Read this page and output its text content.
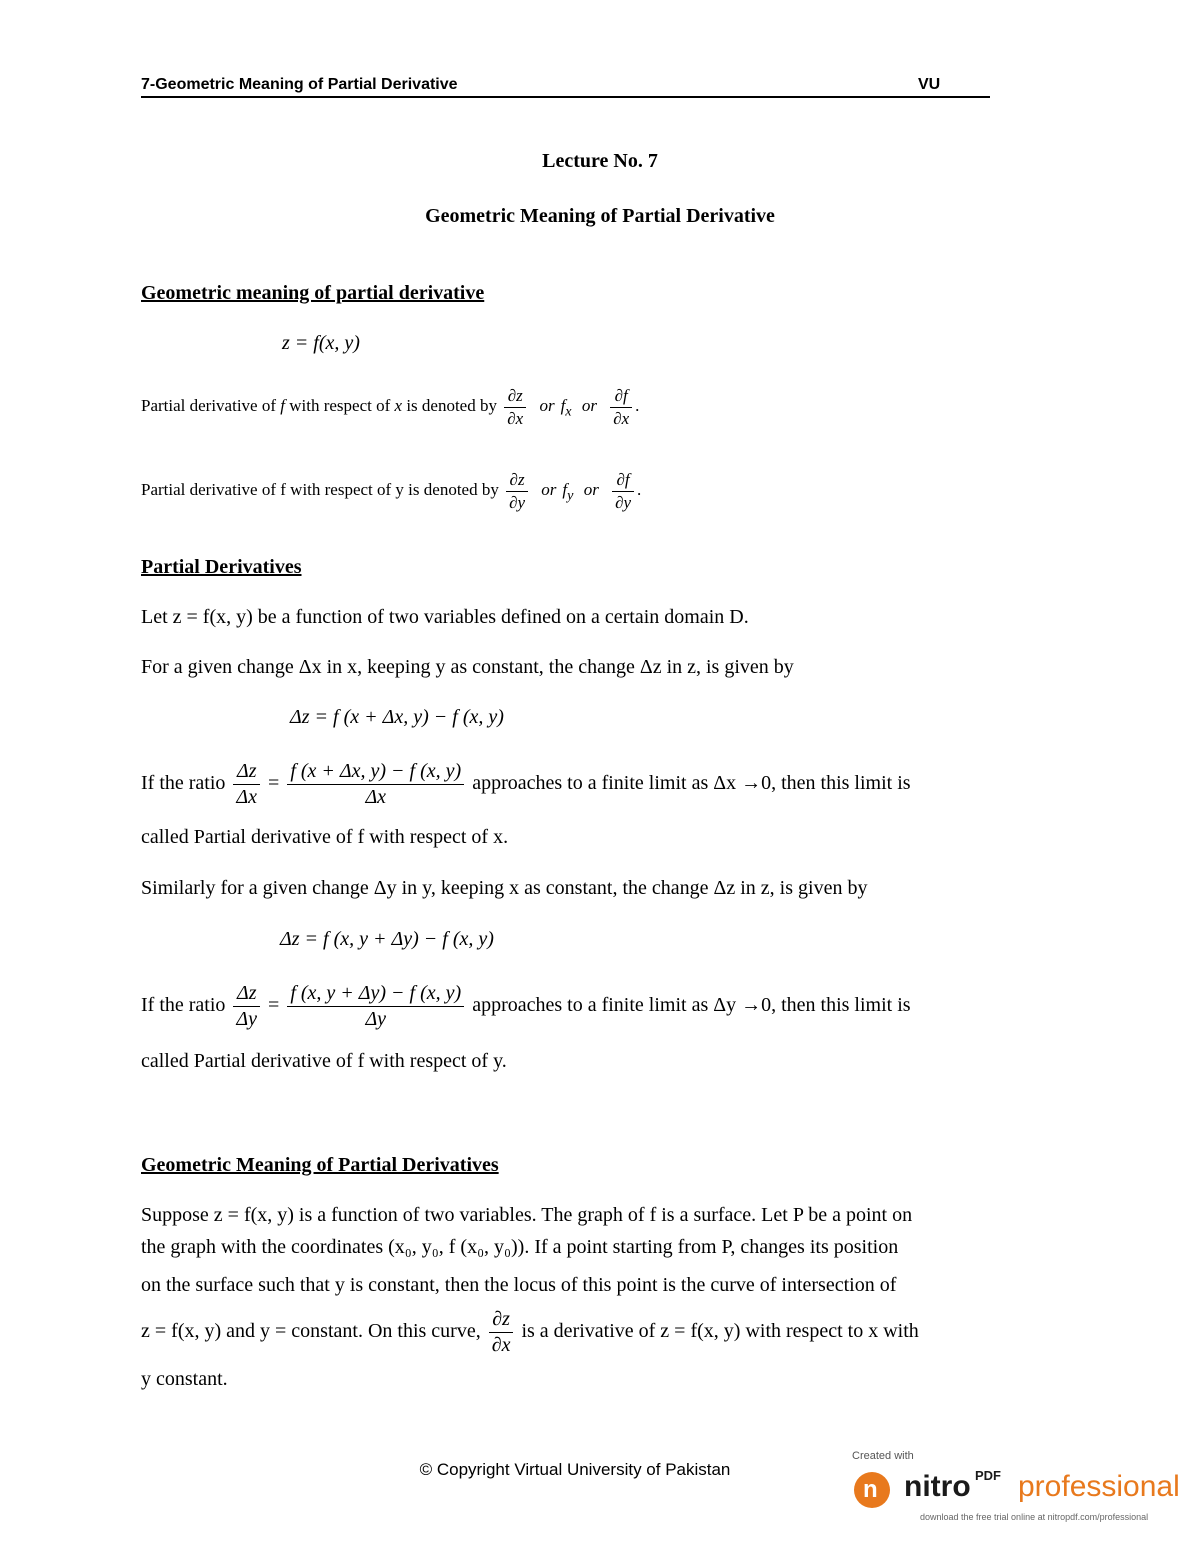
7-Geometric Meaning of Partial Derivative	VU
Lecture No. 7
Geometric Meaning of Partial Derivative
Geometric meaning of partial derivative
z = f(x, y)
Partial derivative of f with respect of x is denoted by $\frac{\partial z}{\partial x}$ or $f_x$ or $\frac{\partial f}{\partial x}$ .
Partial derivative of f with respect of y is denoted by $\frac{\partial z}{\partial y}$ or $f_y$ or $\frac{\partial f}{\partial y}$ .
Partial Derivatives
Let z = f(x, y) be a function of two variables defined on a certain domain D.
For a given change Δx in x, keeping y as constant, the change Δz in z, is given by
Δz = f (x + Δx, y) − f (x, y)
If the ratio $\frac{\Delta z}{\Delta x} = \frac{f (x + \Delta x, y) - f (x, y)}{\Delta x}$ approaches to a finite limit as Δx →0, then this limit is
called Partial derivative of f with respect of x.
Similarly for a given change Δy in y, keeping x as constant, the change Δz in z, is given by
Δz = f (x, y + Δy) − f (x, y)
If the ratio $\frac{\Delta z}{\Delta y} = \frac{f (x, y + \Delta y) - f (x, y)}{\Delta y}$ approaches to a finite limit as Δy →0, then this limit is
called Partial derivative of f with respect of y.
Geometric Meaning of Partial Derivatives
Suppose z = f(x, y) is a function of two variables. The graph of f is a surface. Let P be a point on
the graph with the coordinates (x₀, y₀, f (x₀, y₀)). If a point starting from P, changes its position
on the surface such that y is constant, then the locus of this point is the curve of intersection of
z = f(x, y) and y = constant. On this curve, $\frac{\partial z}{\partial x}$ is a derivative of z = f(x, y) with respect to x with
y constant.
© Copyright Virtual University of Pakistan
Created with
n nitro PDF professional
download the free trial online at nitropdf.com/professional
